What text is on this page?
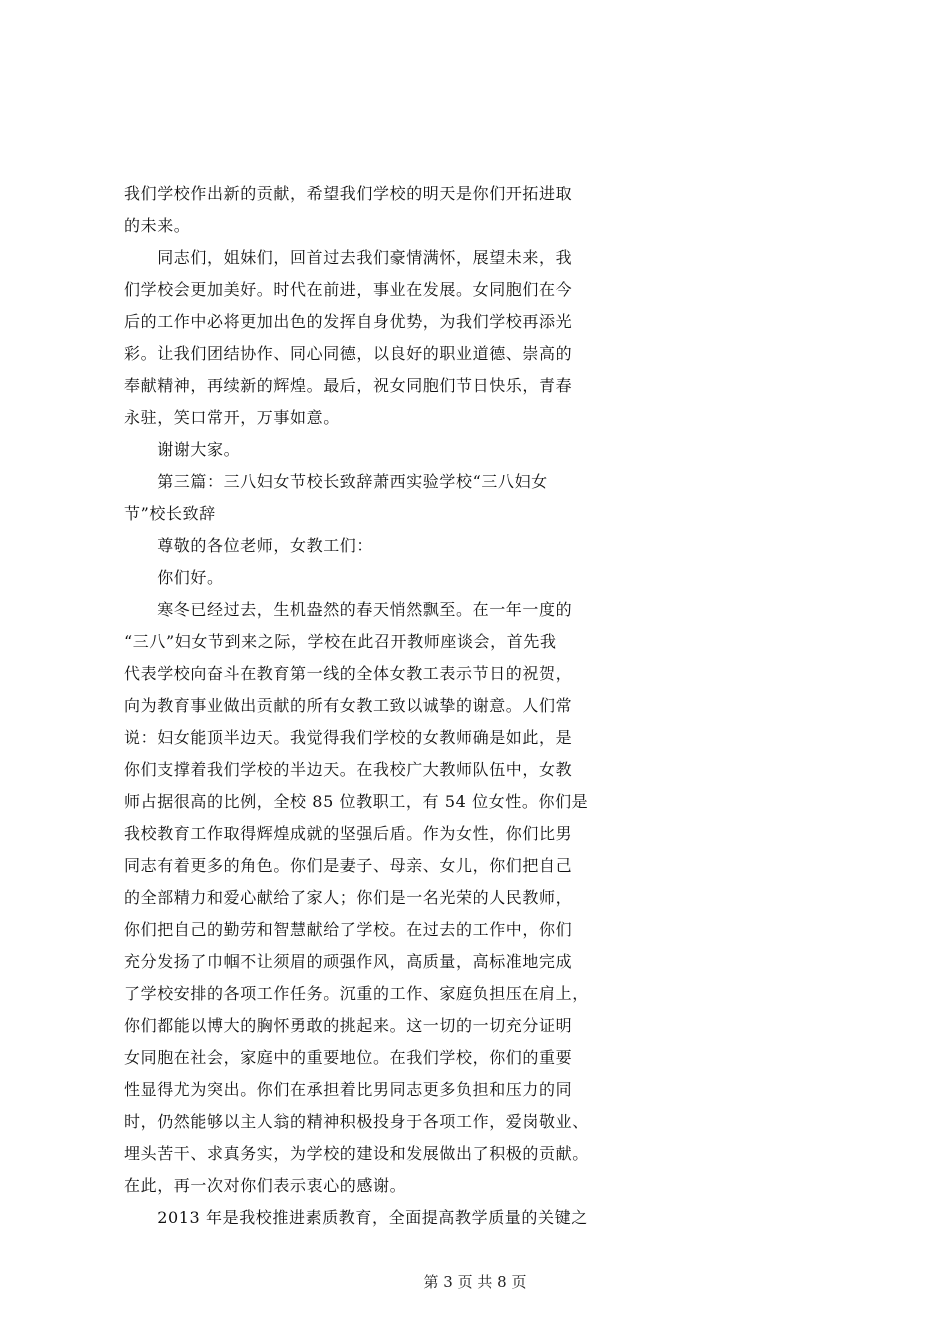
我们学校作出新的贡献，希望我们学校的明天是你们开拓进取
的未来。
　　同志们，姐妹们，回首过去我们豪情满怀，展望未来，我
们学校会更加美好。时代在前进，事业在发展。女同胞们在今
后的工作中必将更加出色的发挥自身优势，为我们学校再添光
彩。让我们团结协作、同心同德，以良好的职业道德、崇高的
奉献精神，再续新的辉煌。最后，祝女同胞们节日快乐，青春
永驻，笑口常开，万事如意。
　　谢谢大家。
　　第三篇：三八妇女节校长致辞萧西实验学校“三八妇女
节”校长致辞
　　尊敬的各位老师，女教工们：
　　你们好。
　　寒冬已经过去，生机盎然的春天悄然飘至。在一年一度的
“三八”妇女节到来之际，学校在此召开教师座谈会，首先我
代表学校向奋斗在教育第一线的全体女教工表示节日的祝贺，
向为教育事业做出贡献的所有女教工致以诚挚的谢意。人们常
说：妇女能顶半边天。我觉得我们学校的女教师确是如此，是
你们支撑着我们学校的半边天。在我校广大教师队伍中，女教
师占据很高的比例，全校 85 位教职工，有 54 位女性。你们是
我校教育工作取得辉煌成就的坚强后盾。作为女性，你们比男
同志有着更多的角色。你们是妻子、母亲、女儿，你们把自己
的全部精力和爱心献给了家人；你们是一名光荣的人民教师，
你们把自己的勤劳和智慧献给了学校。在过去的工作中，你们
充分发扬了巾帼不让须眉的顽强作风，高质量，高标准地完成
了学校安排的各项工作任务。沉重的工作、家庭负担压在肩上，
你们都能以博大的胸怀勇敢的挑起来。这一切的一切充分证明
女同胞在社会，家庭中的重要地位。在我们学校，你们的重要
性显得尤为突出。你们在承担着比男同志更多负担和压力的同
时，仍然能够以主人翁的精神积极投身于各项工作，爱岗敬业、
埋头苦干、求真务实，为学校的建设和发展做出了积极的贡献。
在此，再一次对你们表示衷心的感谢。
　　2013 年是我校推进素质教育，全面提高教学质量的关键之
第 3 页 共 8 页
